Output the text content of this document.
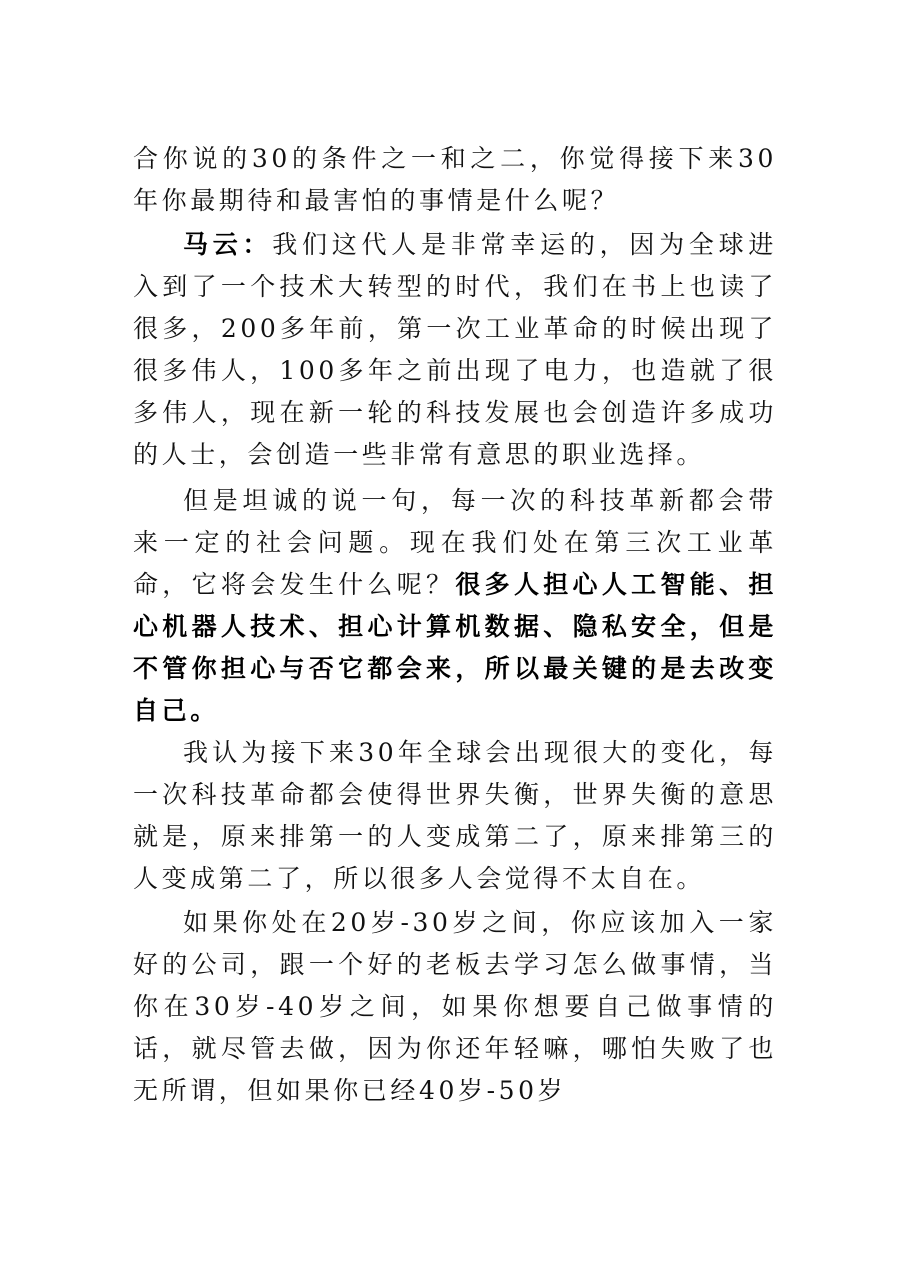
合你说的30的条件之一和之二，你觉得接下来30年你最期待和最害怕的事情是什么呢？

马云：我们这代人是非常幸运的，因为全球进入到了一个技术大转型的时代，我们在书上也读了很多，200多年前，第一次工业革命的时候出现了很多伟人，100多年之前出现了电力，也造就了很多伟人，现在新一轮的科技发展也会创造许多成功的人士，会创造一些非常有意思的职业选择。

但是坦诚的说一句，每一次的科技革新都会带来一定的社会问题。现在我们处在第三次工业革命，它将会发生什么呢？很多人担心人工智能、担心机器人技术、担心计算机数据、隐私安全，但是不管你担心与否它都会来，所以最关键的是去改变自己。

我认为接下来30年全球会出现很大的变化，每一次科技革命都会使得世界失衡，世界失衡的意思就是，原来排第一的人变成第二了，原来排第三的人变成第二了，所以很多人会觉得不太自在。

如果你处在20岁-30岁之间，你应该加入一家好的公司，跟一个好的老板去学习怎么做事情，当你在30岁-40岁之间，如果你想要自己做事情的话，就尽管去做，因为你还年轻嘛，哪怕失败了也无所谓，但如果你已经40岁-50岁
